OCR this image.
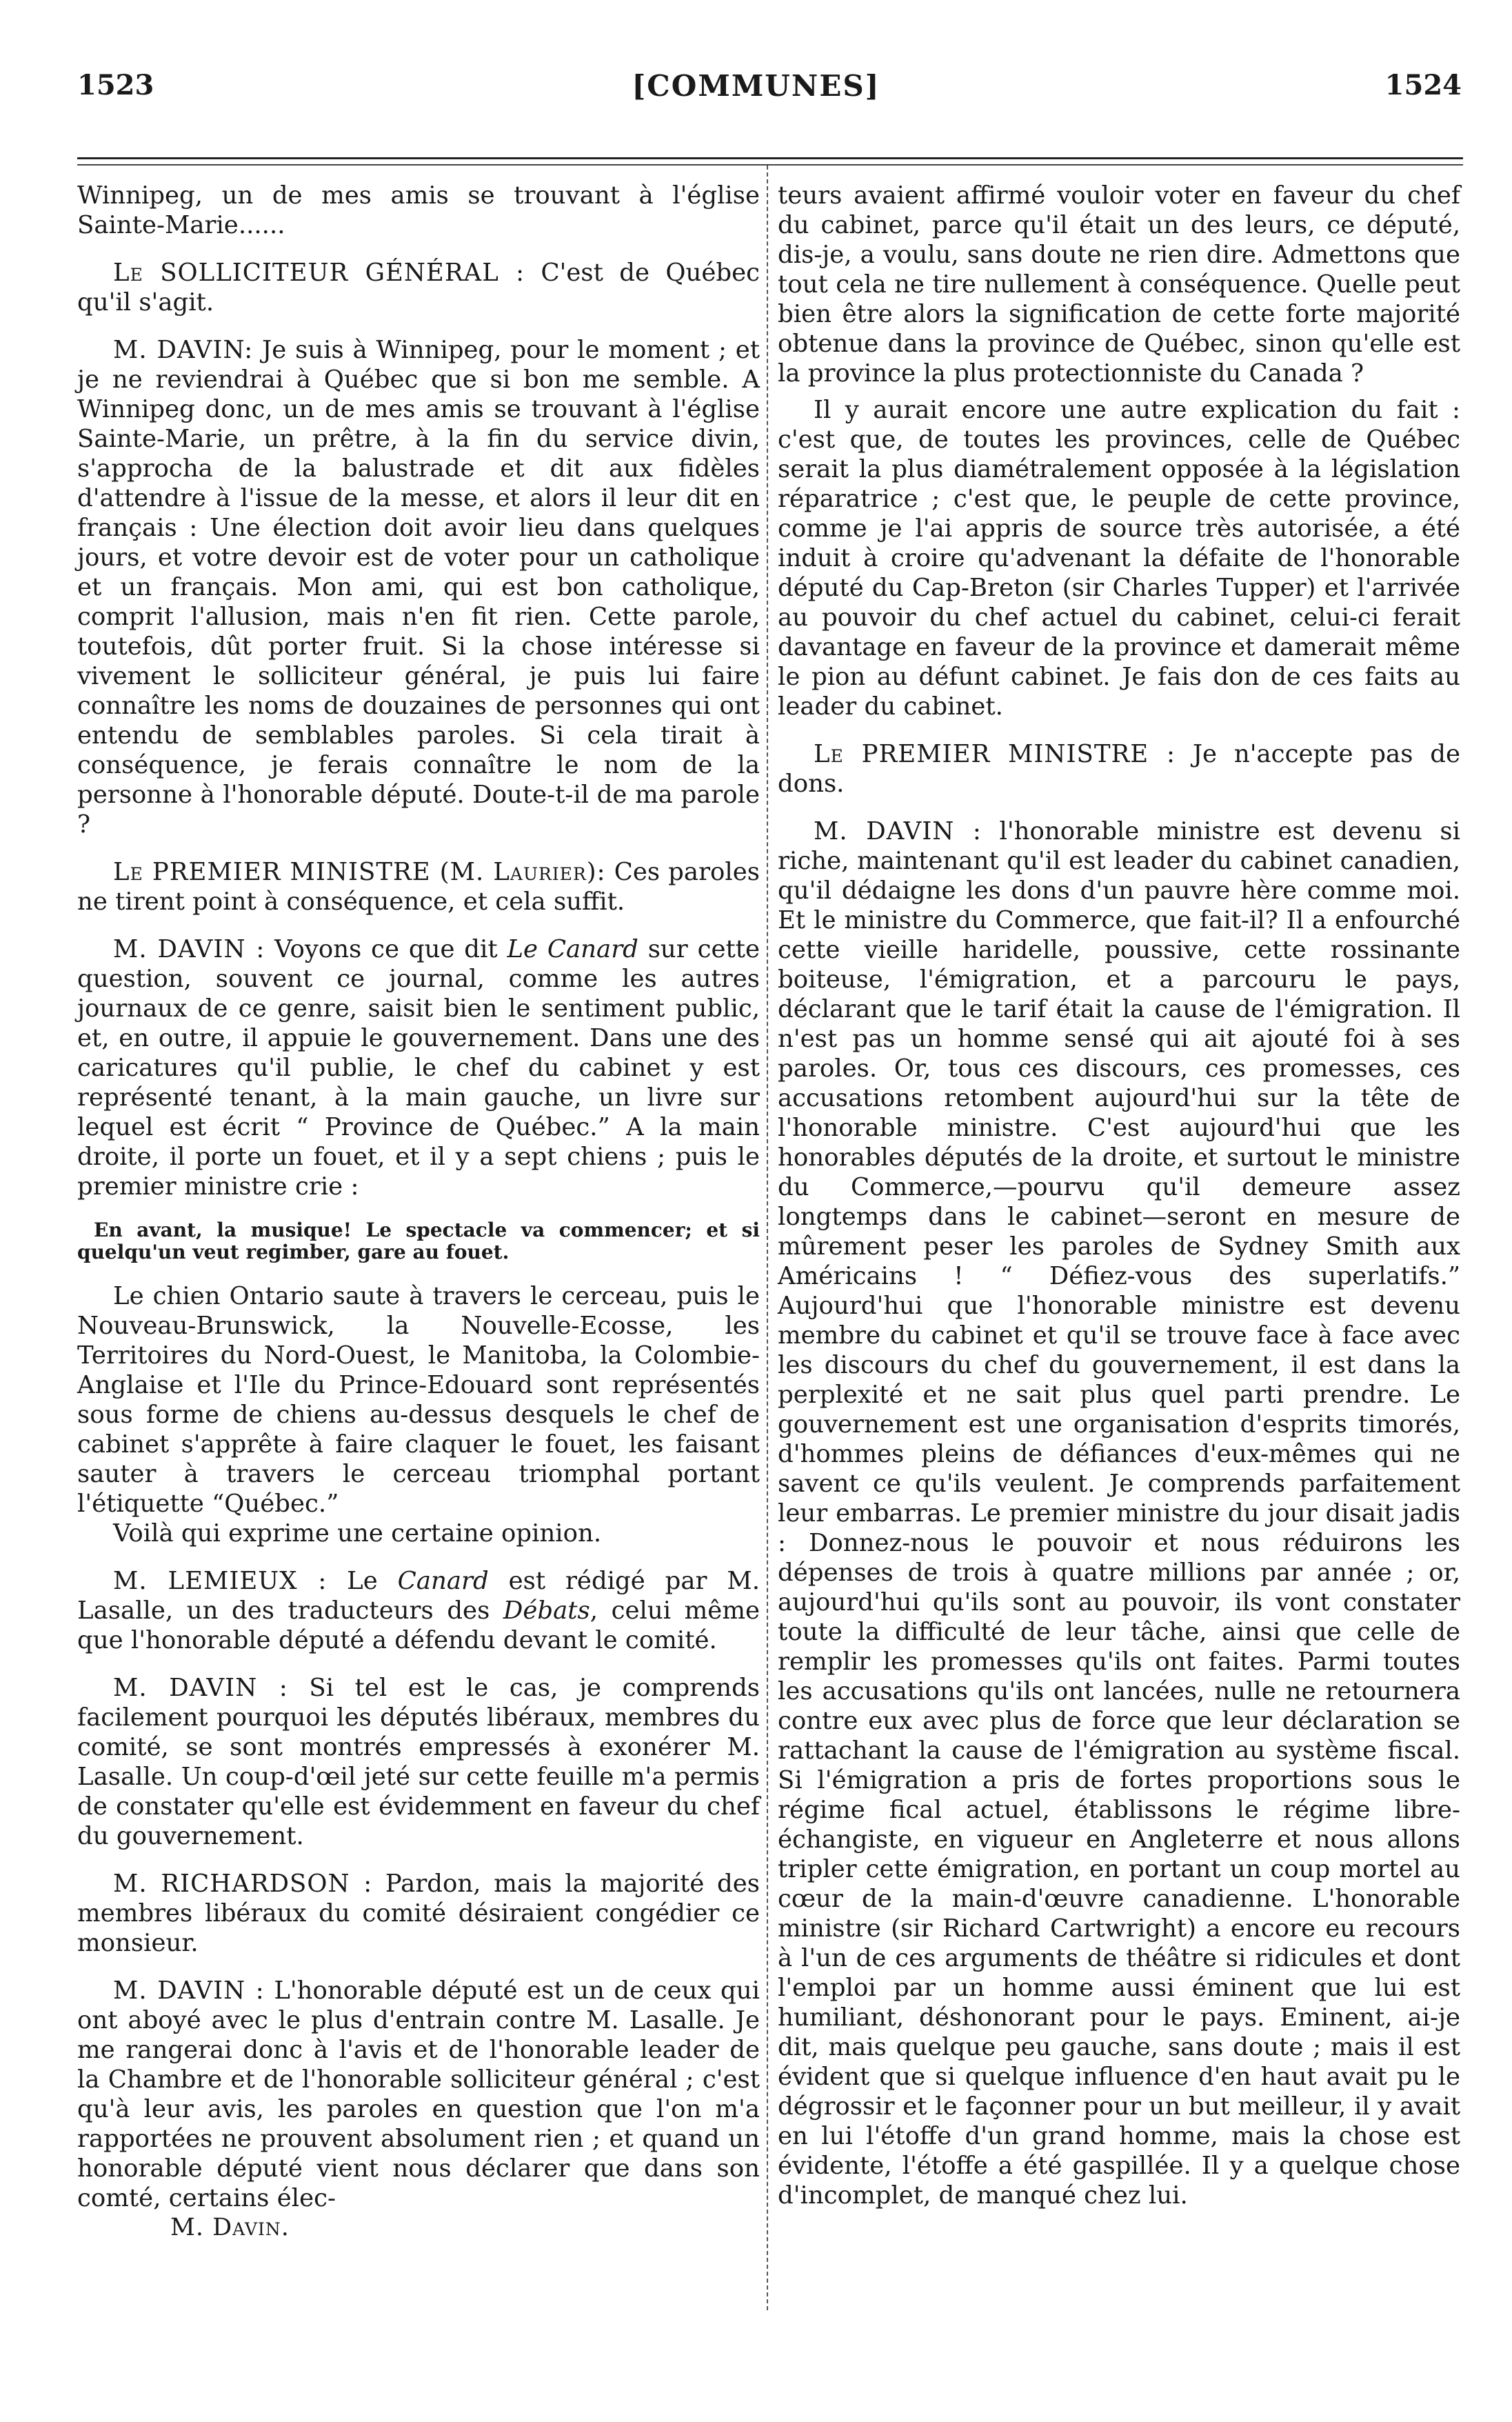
1523	[COMMUNES]	1524

Winnipeg, un de mes amis se trouvant à l'église Sainte-Marie......

Le SOLLICITEUR GÉNÉRAL : C'est de Québec qu'il s'agit.

M. DAVIN: Je suis à Winnipeg, pour le moment ; et je ne reviendrai à Québec que si bon me semble. A Winnipeg donc, un de mes amis se trouvant à l'église Sainte-Marie, un prêtre, à la fin du service divin, s'approcha de la balustrade et dit aux fidèles d'attendre à l'issue de la messe, et alors il leur dit en français : Une élection doit avoir lieu dans quelques jours, et votre devoir est de voter pour un catholique et un français. Mon ami, qui est bon catholique, comprit l'allusion, mais n'en fit rien. Cette parole, toutefois, dût porter fruit. Si la chose intéresse si vivement le solliciteur général, je puis lui faire connaître les noms de douzaines de personnes qui ont entendu de semblables paroles. Si cela tirait à conséquence, je ferais connaître le nom de la personne à l'honorable député. Doute-t-il de ma parole ?

Le PREMIER MINISTRE (M. Laurier): Ces paroles ne tirent point à conséquence, et cela suffit.

M. DAVIN : Voyons ce que dit Le Canard sur cette question, souvent ce journal, comme les autres journaux de ce genre, saisit bien le sentiment public, et, en outre, il appuie le gouvernement. Dans une des caricatures qu'il publie, le chef du cabinet y est représenté tenant, à la main gauche, un livre sur lequel est écrit “ Province de Québec.” A la main droite, il porte un fouet, et il y a sept chiens ; puis le premier ministre crie :

En avant, la musique! Le spectacle va commencer; et si quelqu'un veut regimber, gare au fouet.

Le chien Ontario saute à travers le cerceau, puis le Nouveau-Brunswick, la Nouvelle-Ecosse, les Territoires du Nord-Ouest, le Manitoba, la Colombie-Anglaise et l'Ile du Prince-Edouard sont représentés sous forme de chiens au-dessus desquels le chef de cabinet s'apprête à faire claquer le fouet, les faisant sauter à travers le cerceau triomphal portant l'étiquette “Québec.”

Voilà qui exprime une certaine opinion.

M. LEMIEUX : Le Canard est rédigé par M. Lasalle, un des traducteurs des Débats, celui même que l'honorable député a défendu devant le comité.

M. DAVIN : Si tel est le cas, je comprends facilement pourquoi les députés libéraux, membres du comité, se sont montrés empressés à exonérer M. Lasalle. Un coup-d'œil jeté sur cette feuille m'a permis de constater qu'elle est évidemment en faveur du chef du gouvernement.

M. RICHARDSON : Pardon, mais la majorité des membres libéraux du comité désiraient congédier ce monsieur.

M. DAVIN : L'honorable député est un de ceux qui ont aboyé avec le plus d'entrain contre M. Lasalle. Je me rangerai donc à l'avis et de l'honorable leader de la Chambre et de l'honorable solliciteur général ; c'est qu'à leur avis, les paroles en question que l'on m'a rapportées ne prouvent absolument rien ; et quand un honorable député vient nous déclarer que dans son comté, certains élec-

M. Davin.

teurs avaient affirmé vouloir voter en faveur du chef du cabinet, parce qu'il était un des leurs, ce député, dis-je, a voulu, sans doute ne rien dire. Admettons que tout cela ne tire nullement à conséquence. Quelle peut bien être alors la signification de cette forte majorité obtenue dans la province de Québec, sinon qu'elle est la province la plus protectionniste du Canada ?

Il y aurait encore une autre explication du fait : c'est que, de toutes les provinces, celle de Québec serait la plus diamétralement opposée à la législation réparatrice ; c'est que, le peuple de cette province, comme je l'ai appris de source très autorisée, a été induit à croire qu'advenant la défaite de l'honorable député du Cap-Breton (sir Charles Tupper) et l'arrivée au pouvoir du chef actuel du cabinet, celui-ci ferait davantage en faveur de la province et damerait même le pion au défunt cabinet. Je fais don de ces faits au leader du cabinet.

Le PREMIER MINISTRE : Je n'accepte pas de dons.

M. DAVIN : l'honorable ministre est devenu si riche, maintenant qu'il est leader du cabinet canadien, qu'il dédaigne les dons d'un pauvre hère comme moi. Et le ministre du Commerce, que fait-il? Il a enfourché cette vieille haridelle, poussive, cette rossinante boiteuse, l'émigration, et a parcouru le pays, déclarant que le tarif était la cause de l'émigration. Il n'est pas un homme sensé qui ait ajouté foi à ses paroles. Or, tous ces discours, ces promesses, ces accusations retombent aujourd'hui sur la tête de l'honorable ministre. C'est aujourd'hui que les honorables députés de la droite, et surtout le ministre du Commerce,—pourvu qu'il demeure assez longtemps dans le cabinet—seront en mesure de mûrement peser les paroles de Sydney Smith aux Américains ! “ Défiez-vous des superlatifs.” Aujourd'hui que l'honorable ministre est devenu membre du cabinet et qu'il se trouve face à face avec les discours du chef du gouvernement, il est dans la perplexité et ne sait plus quel parti prendre. Le gouvernement est une organisation d'esprits timorés, d'hommes pleins de défiances d'eux-mêmes qui ne savent ce qu'ils veulent. Je comprends parfaitement leur embarras. Le premier ministre du jour disait jadis : Donnez-nous le pouvoir et nous réduirons les dépenses de trois à quatre millions par année ; or, aujourd'hui qu'ils sont au pouvoir, ils vont constater toute la difficulté de leur tâche, ainsi que celle de remplir les promesses qu'ils ont faites. Parmi toutes les accusations qu'ils ont lancées, nulle ne retournera contre eux avec plus de force que leur déclaration se rattachant la cause de l'émigration au système fiscal. Si l'émigration a pris de fortes proportions sous le régime fical actuel, établissons le régime libre-échangiste, en vigueur en Angleterre et nous allons tripler cette émigration, en portant un coup mortel au cœur de la main-d'œuvre canadienne. L'honorable ministre (sir Richard Cartwright) a encore eu recours à l'un de ces arguments de théâtre si ridicules et dont l'emploi par un homme aussi éminent que lui est humiliant, déshonorant pour le pays. Eminent, ai-je dit, mais quelque peu gauche, sans doute ; mais il est évident que si quelque influence d'en haut avait pu le dégrossir et le façonner pour un but meilleur, il y avait en lui l'étoffe d'un grand homme, mais la chose est évidente, l'étoffe a été gaspillée. Il y a quelque chose d'incomplet, de manqué chez lui.
